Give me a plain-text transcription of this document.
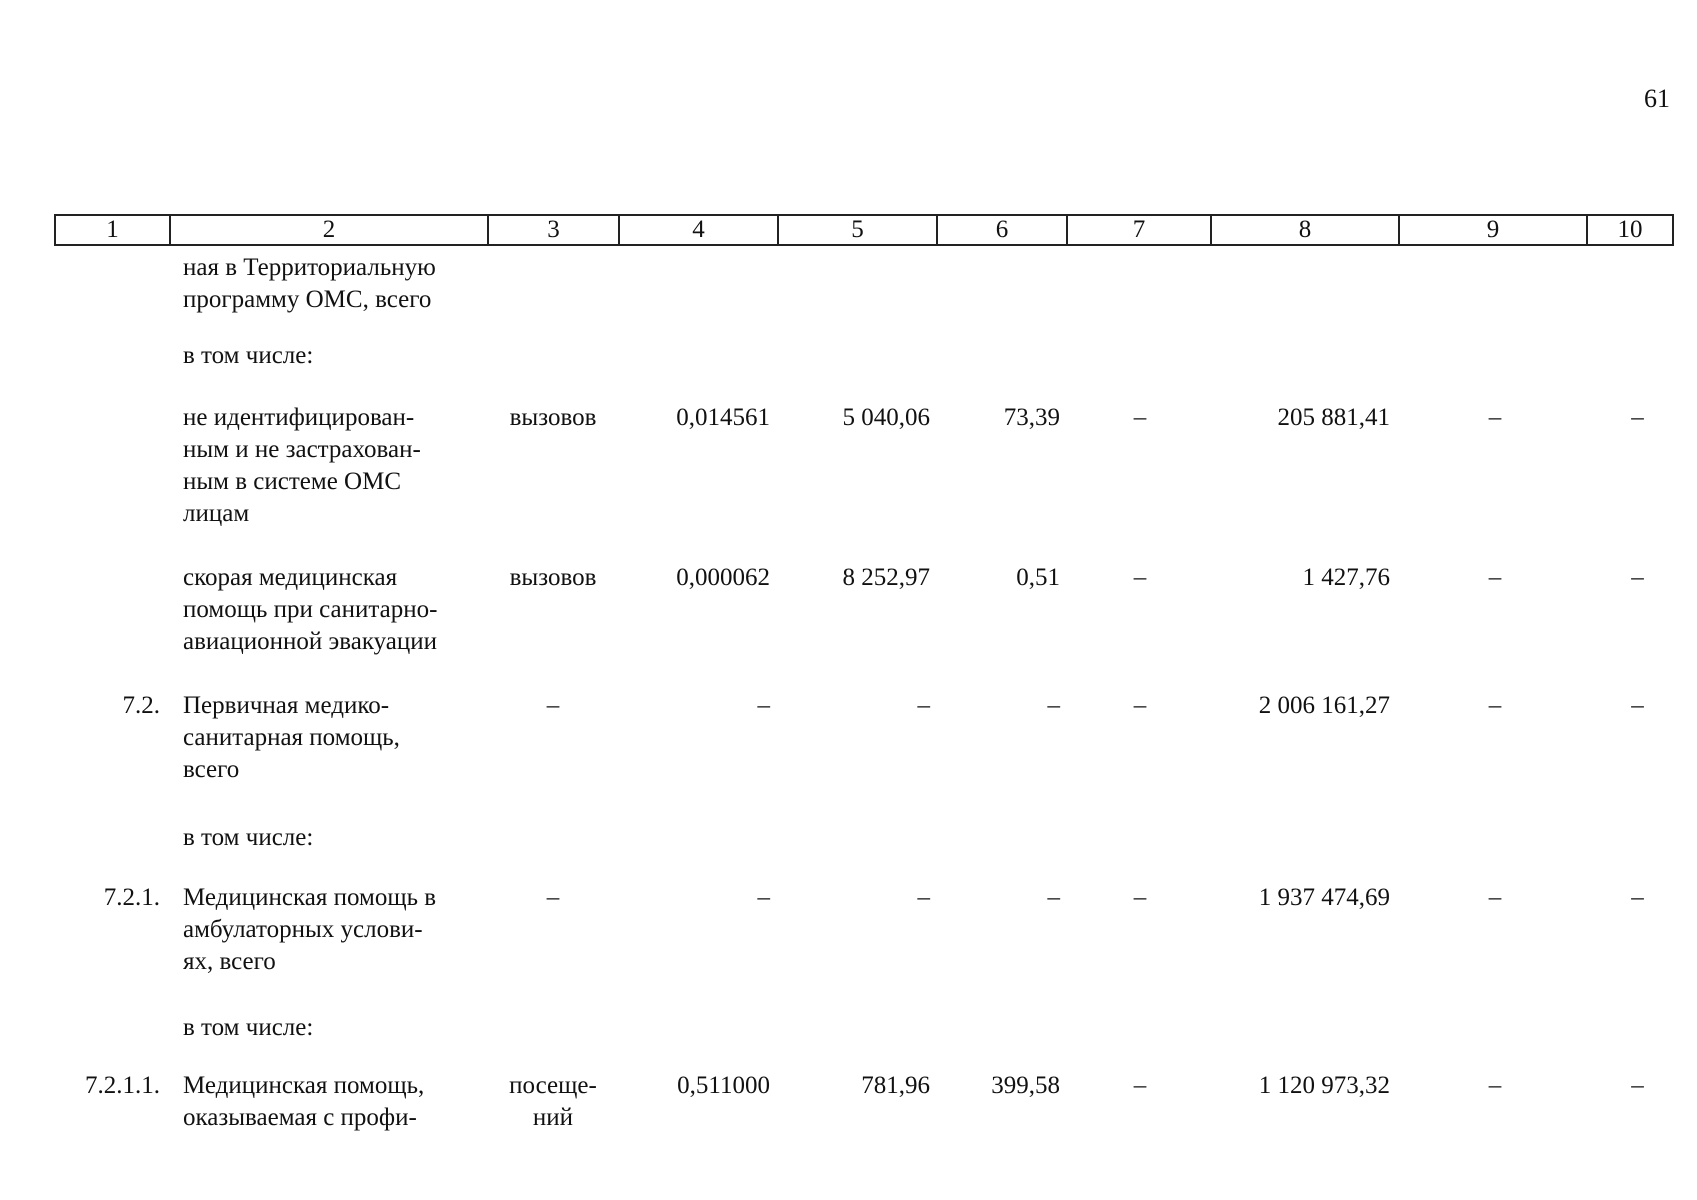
61
1	2	3	4	5	6	7	8	9	10
ная в Территориальную
программу ОМС, всего
в том числе:
не идентифицирован-
ным и не застрахован-
ным в системе ОМС
лицам
вызовов	0,014561	5 040,06	73,39	–	205 881,41	–	–
скорая медицинская
помощь при санитарно-
авиационной эвакуации
вызовов	0,000062	8 252,97	0,51	–	1 427,76	–	–
7.2. Первичная медико-
санитарная помощь,
всего
–	–	–	–	–	2 006 161,27	–	–
в том числе:
7.2.1. Медицинская помощь в
амбулаторных услови-
ях, всего
–	–	–	–	–	1 937 474,69	–	–
в том числе:
7.2.1.1. Медицинская помощь,
оказываемая с профи-
посеще-
ний
0,511000	781,96	399,58	–	1 120 973,32	–	–
